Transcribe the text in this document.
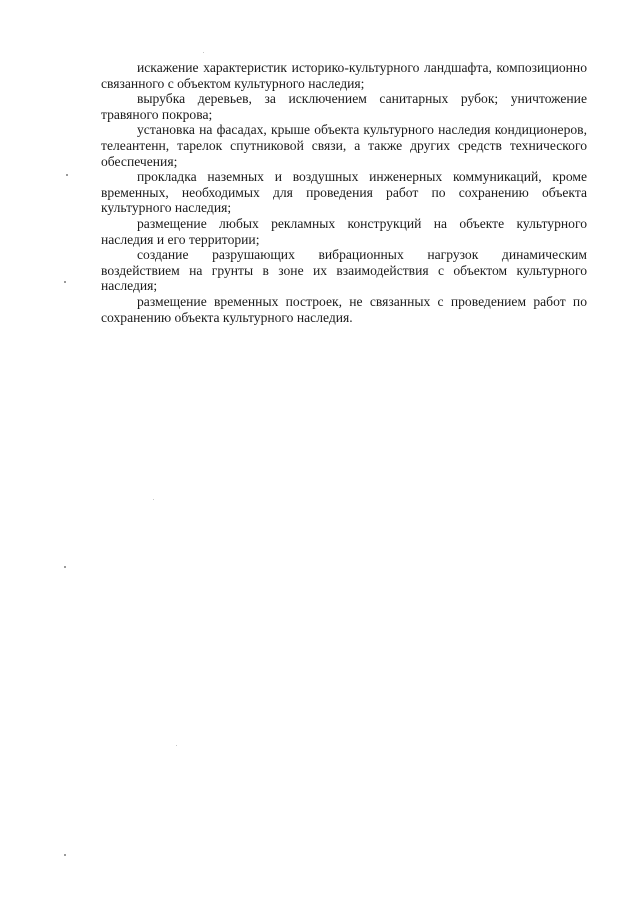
искажение характеристик историко-культурного ландшафта, композиционно связанного с объектом культурного наследия;

вырубка деревьев, за исключением санитарных рубок; уничтожение травяного покрова;

установка на фасадах, крыше объекта культурного наследия кондиционеров, телеантенн, тарелок спутниковой связи, а также других средств технического обеспечения;

прокладка наземных и воздушных инженерных коммуникаций, кроме временных, необходимых для проведения работ по сохранению объекта культурного наследия;

размещение любых рекламных конструкций на объекте культурного наследия и его территории;

создание разрушающих вибрационных нагрузок динамическим воздействием на грунты в зоне их взаимодействия с объектом культурного наследия;

размещение временных построек, не связанных с проведением работ по сохранению объекта культурного наследия.
